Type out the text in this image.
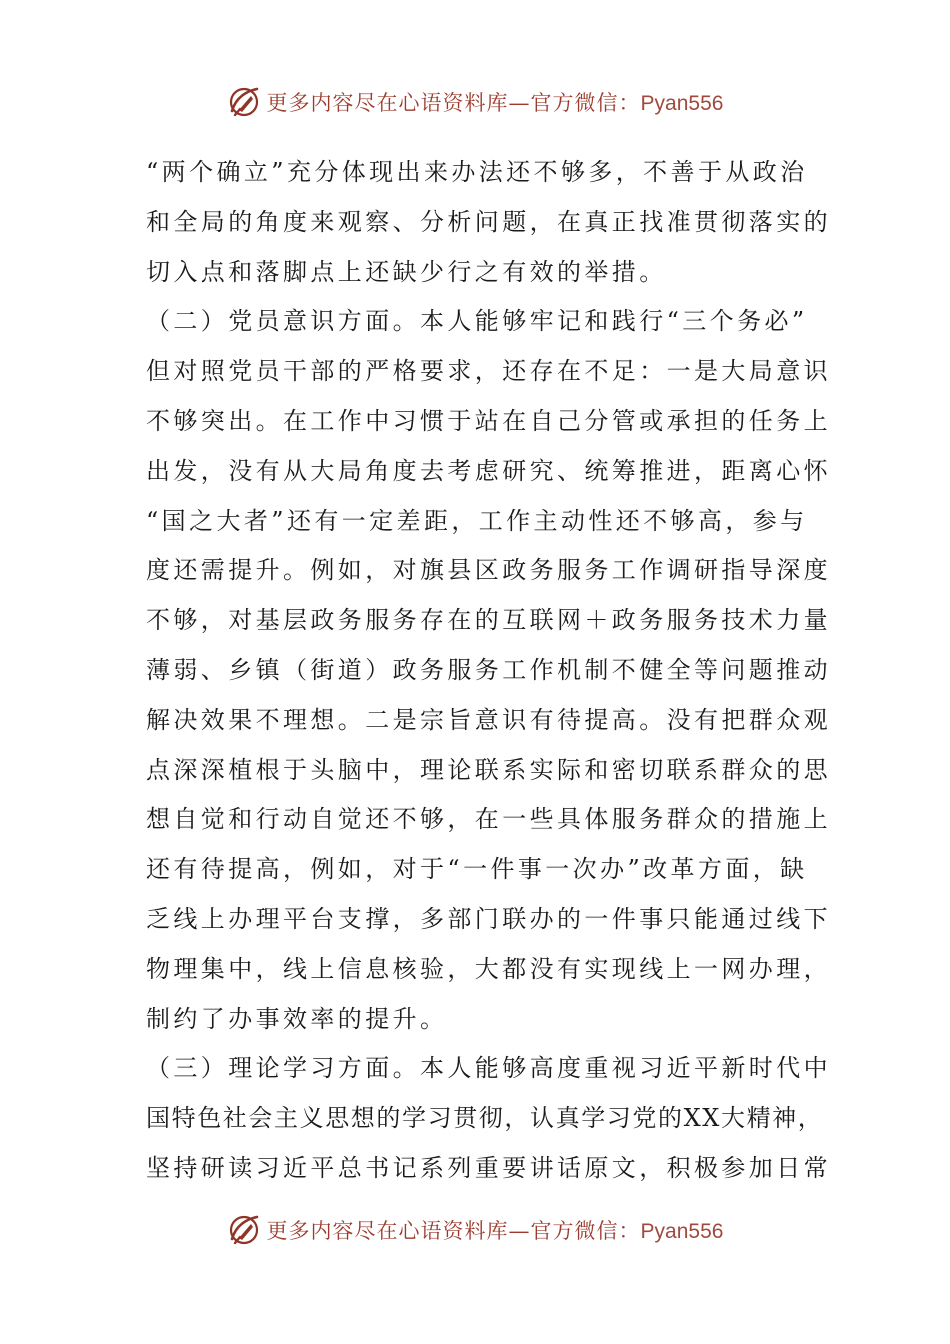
更多内容尽在心语资料库—官方微信：Pyan556
“两个确立”充分体现出来办法还不够多，不善于从政治
和全局的角度来观察、分析问题，在真正找准贯彻落实的
切入点和落脚点上还缺少行之有效的举措。
（二）党员意识方面。本人能够牢记和践行“三个务必”
但对照党员干部的严格要求，还存在不足：一是大局意识
不够突出。在工作中习惯于站在自己分管或承担的任务上
出发，没有从大局角度去考虑研究、统筹推进，距离心怀
“国之大者”还有一定差距，工作主动性还不够高，参与
度还需提升。例如，对旗县区政务服务工作调研指导深度
不够，对基层政务服务存在的互联网＋政务服务技术力量
薄弱、乡镇（街道）政务服务工作机制不健全等问题推动
解决效果不理想。二是宗旨意识有待提高。没有把群众观
点深深植根于头脑中，理论联系实际和密切联系群众的思
想自觉和行动自觉还不够，在一些具体服务群众的措施上
还有待提高，例如，对于“一件事一次办”改革方面，缺
乏线上办理平台支撑，多部门联办的一件事只能通过线下
物理集中，线上信息核验，大都没有实现线上一网办理，
制约了办事效率的提升。
（三）理论学习方面。本人能够高度重视习近平新时代中
国特色社会主义思想的学习贯彻，认真学习党的XX大精神，
坚持研读习近平总书记系列重要讲话原文，积极参加日常
更多内容尽在心语资料库—官方微信：Pyan556
